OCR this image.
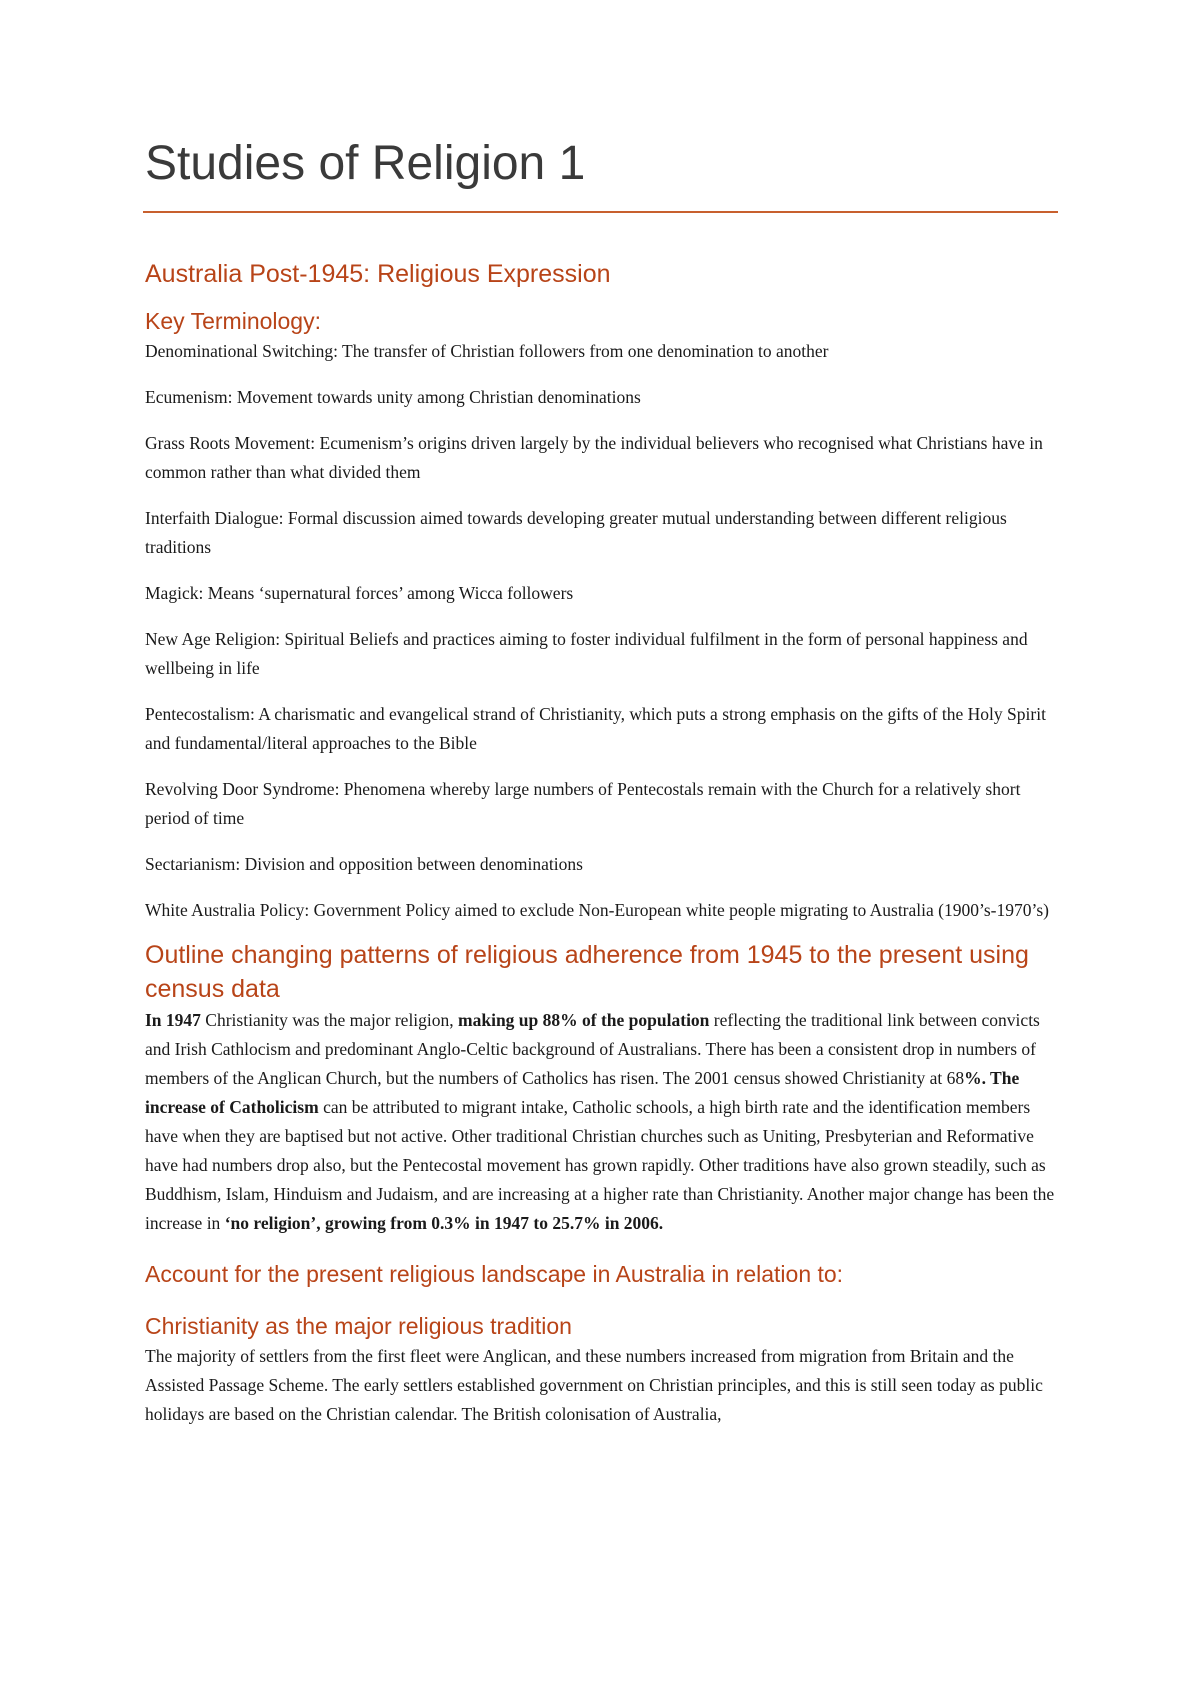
Studies of Religion 1
Australia Post-1945: Religious Expression
Key Terminology:

Denominational Switching: The transfer of Christian followers from one denomination to another

Ecumenism: Movement towards unity among Christian denominations

Grass Roots Movement: Ecumenism’s origins driven largely by the individual believers who recognised what Christians have in common rather than what divided them

Interfaith Dialogue: Formal discussion aimed towards developing greater mutual understanding between different religious traditions

Magick: Means ‘supernatural forces’ among Wicca followers

New Age Religion: Spiritual Beliefs and practices aiming to foster individual fulfilment in the form of personal happiness and wellbeing in life

Pentecostalism: A charismatic and evangelical strand of Christianity, which puts a strong emphasis on the gifts of the Holy Spirit and fundamental/literal approaches to the Bible

Revolving Door Syndrome: Phenomena whereby large numbers of Pentecostals remain with the Church for a relatively short period of time

Sectarianism: Division and opposition between denominations

White Australia Policy: Government Policy aimed to exclude Non-European white people migrating to Australia (1900’s-1970’s)

Outline changing patterns of religious adherence from 1945 to the present using census data

In 1947 Christianity was the major religion, making up 88% of the population reflecting the traditional link between convicts and Irish Cathlocism and predominant Anglo-Celtic background of Australians. There has been a consistent drop in numbers of members of the Anglican Church, but the numbers of Catholics has risen. The 2001 census showed Christianity at 68%. The increase of Catholicism can be attributed to migrant intake, Catholic schools, a high birth rate and the identification members have when they are baptised but not active. Other traditional Christian churches such as Uniting, Presbyterian and Reformative have had numbers drop also, but the Pentecostal movement has grown rapidly. Other traditions have also grown steadily, such as Buddhism, Islam, Hinduism and Judaism, and are increasing at a higher rate than Christianity. Another major change has been the increase in ‘no religion’, growing from 0.3% in 1947 to 25.7% in 2006.

Account for the present religious landscape in Australia in relation to:
Christianity as the major religious tradition

The majority of settlers from the first fleet were Anglican, and these numbers increased from migration from Britain and the Assisted Passage Scheme. The early settlers established government on Christian principles, and this is still seen today as public holidays are based on the Christian calendar. The British colonisation of Australia,
